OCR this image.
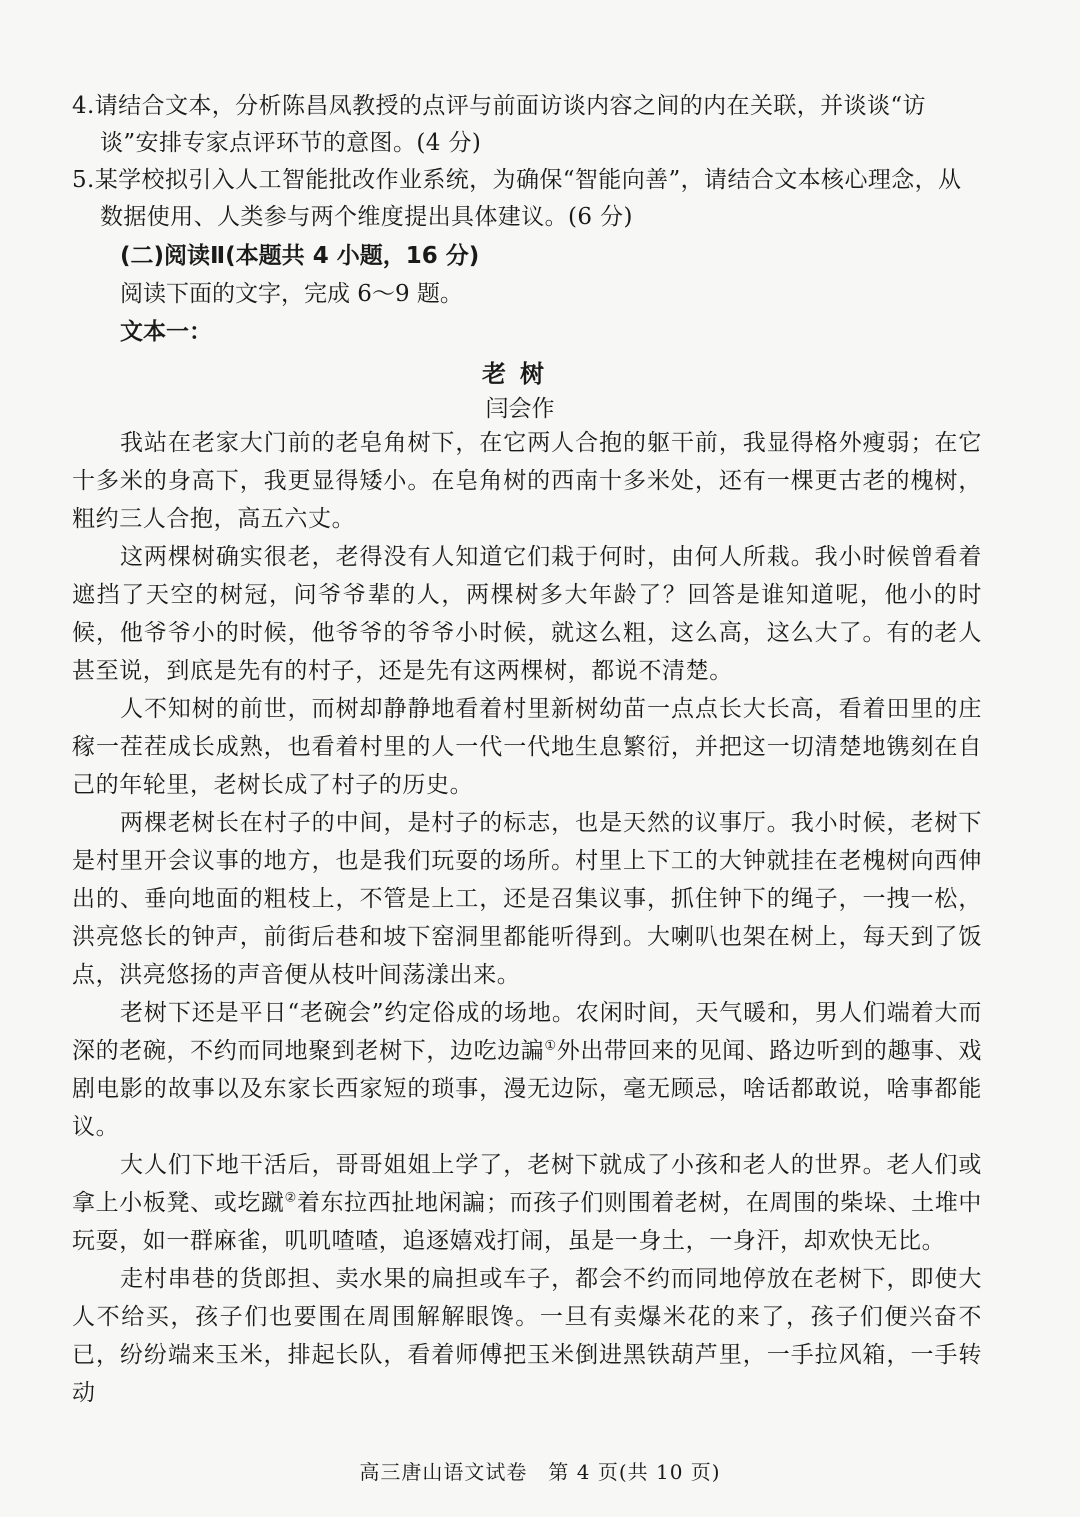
4.请结合文本，分析陈昌凤教授的点评与前面访谈内容之间的内在关联，并谈谈“访
谈”安排专家点评环节的意图。(4 分)
5.某学校拟引入人工智能批改作业系统，为确保“智能向善”，请结合文本核心理念，从
数据使用、人类参与两个维度提出具体建议。(6 分)
(二)阅读Ⅱ(本题共 4 小题，16 分)
阅读下面的文字，完成 6～9 题。
文本一：
老树
闫会作

我站在老家大门前的老皂角树下，在它两人合抱的躯干前，我显得格外瘦弱；在它十多米的身高下，我更显得矮小。在皂角树的西南十多米处，还有一棵更古老的槐树，粗约三人合抱，高五六丈。

这两棵树确实很老，老得没有人知道它们栽于何时，由何人所栽。我小时候曾看着遮挡了天空的树冠，问爷爷辈的人，两棵树多大年龄了？回答是谁知道呢，他小的时候，他爷爷小的时候，他爷爷的爷爷小时候，就这么粗，这么高，这么大了。有的老人甚至说，到底是先有的村子，还是先有这两棵树，都说不清楚。

人不知树的前世，而树却静静地看着村里新树幼苗一点点长大长高，看着田里的庄稼一茬茬成长成熟，也看着村里的人一代一代地生息繁衍，并把这一切清楚地镌刻在自己的年轮里，老树长成了村子的历史。

两棵老树长在村子的中间，是村子的标志，也是天然的议事厅。我小时候，老树下是村里开会议事的地方，也是我们玩耍的场所。村里上下工的大钟就挂在老槐树向西伸出的、垂向地面的粗枝上，不管是上工，还是召集议事，抓住钟下的绳子，一拽一松，洪亮悠长的钟声，前街后巷和坡下窑洞里都能听得到。大喇叭也架在树上，每天到了饭点，洪亮悠扬的声音便从枝叶间荡漾出来。

老树下还是平日“老碗会”约定俗成的场地。农闲时间，天气暖和，男人们端着大而深的老碗，不约而同地聚到老树下，边吃边諞①外出带回来的见闻、路边听到的趣事、戏剧电影的故事以及东家长西家短的琐事，漫无边际，毫无顾忌，啥话都敢说，啥事都能议。

大人们下地干活后，哥哥姐姐上学了，老树下就成了小孩和老人的世界。老人们或拿上小板凳、或圪蹴②着东拉西扯地闲諞；而孩子们则围着老树，在周围的柴垛、土堆中玩耍，如一群麻雀，叽叽喳喳，追逐嬉戏打闹，虽是一身土，一身汗，却欢快无比。

走村串巷的货郎担、卖水果的扁担或车子，都会不约而同地停放在老树下，即使大人不给买，孩子们也要围在周围解解眼馋。一旦有卖爆米花的来了，孩子们便兴奋不已，纷纷端来玉米，排起长队，看着师傅把玉米倒进黑铁葫芦里，一手拉风箱，一手转动

高三唐山语文试卷　第 4 页(共 10 页)
